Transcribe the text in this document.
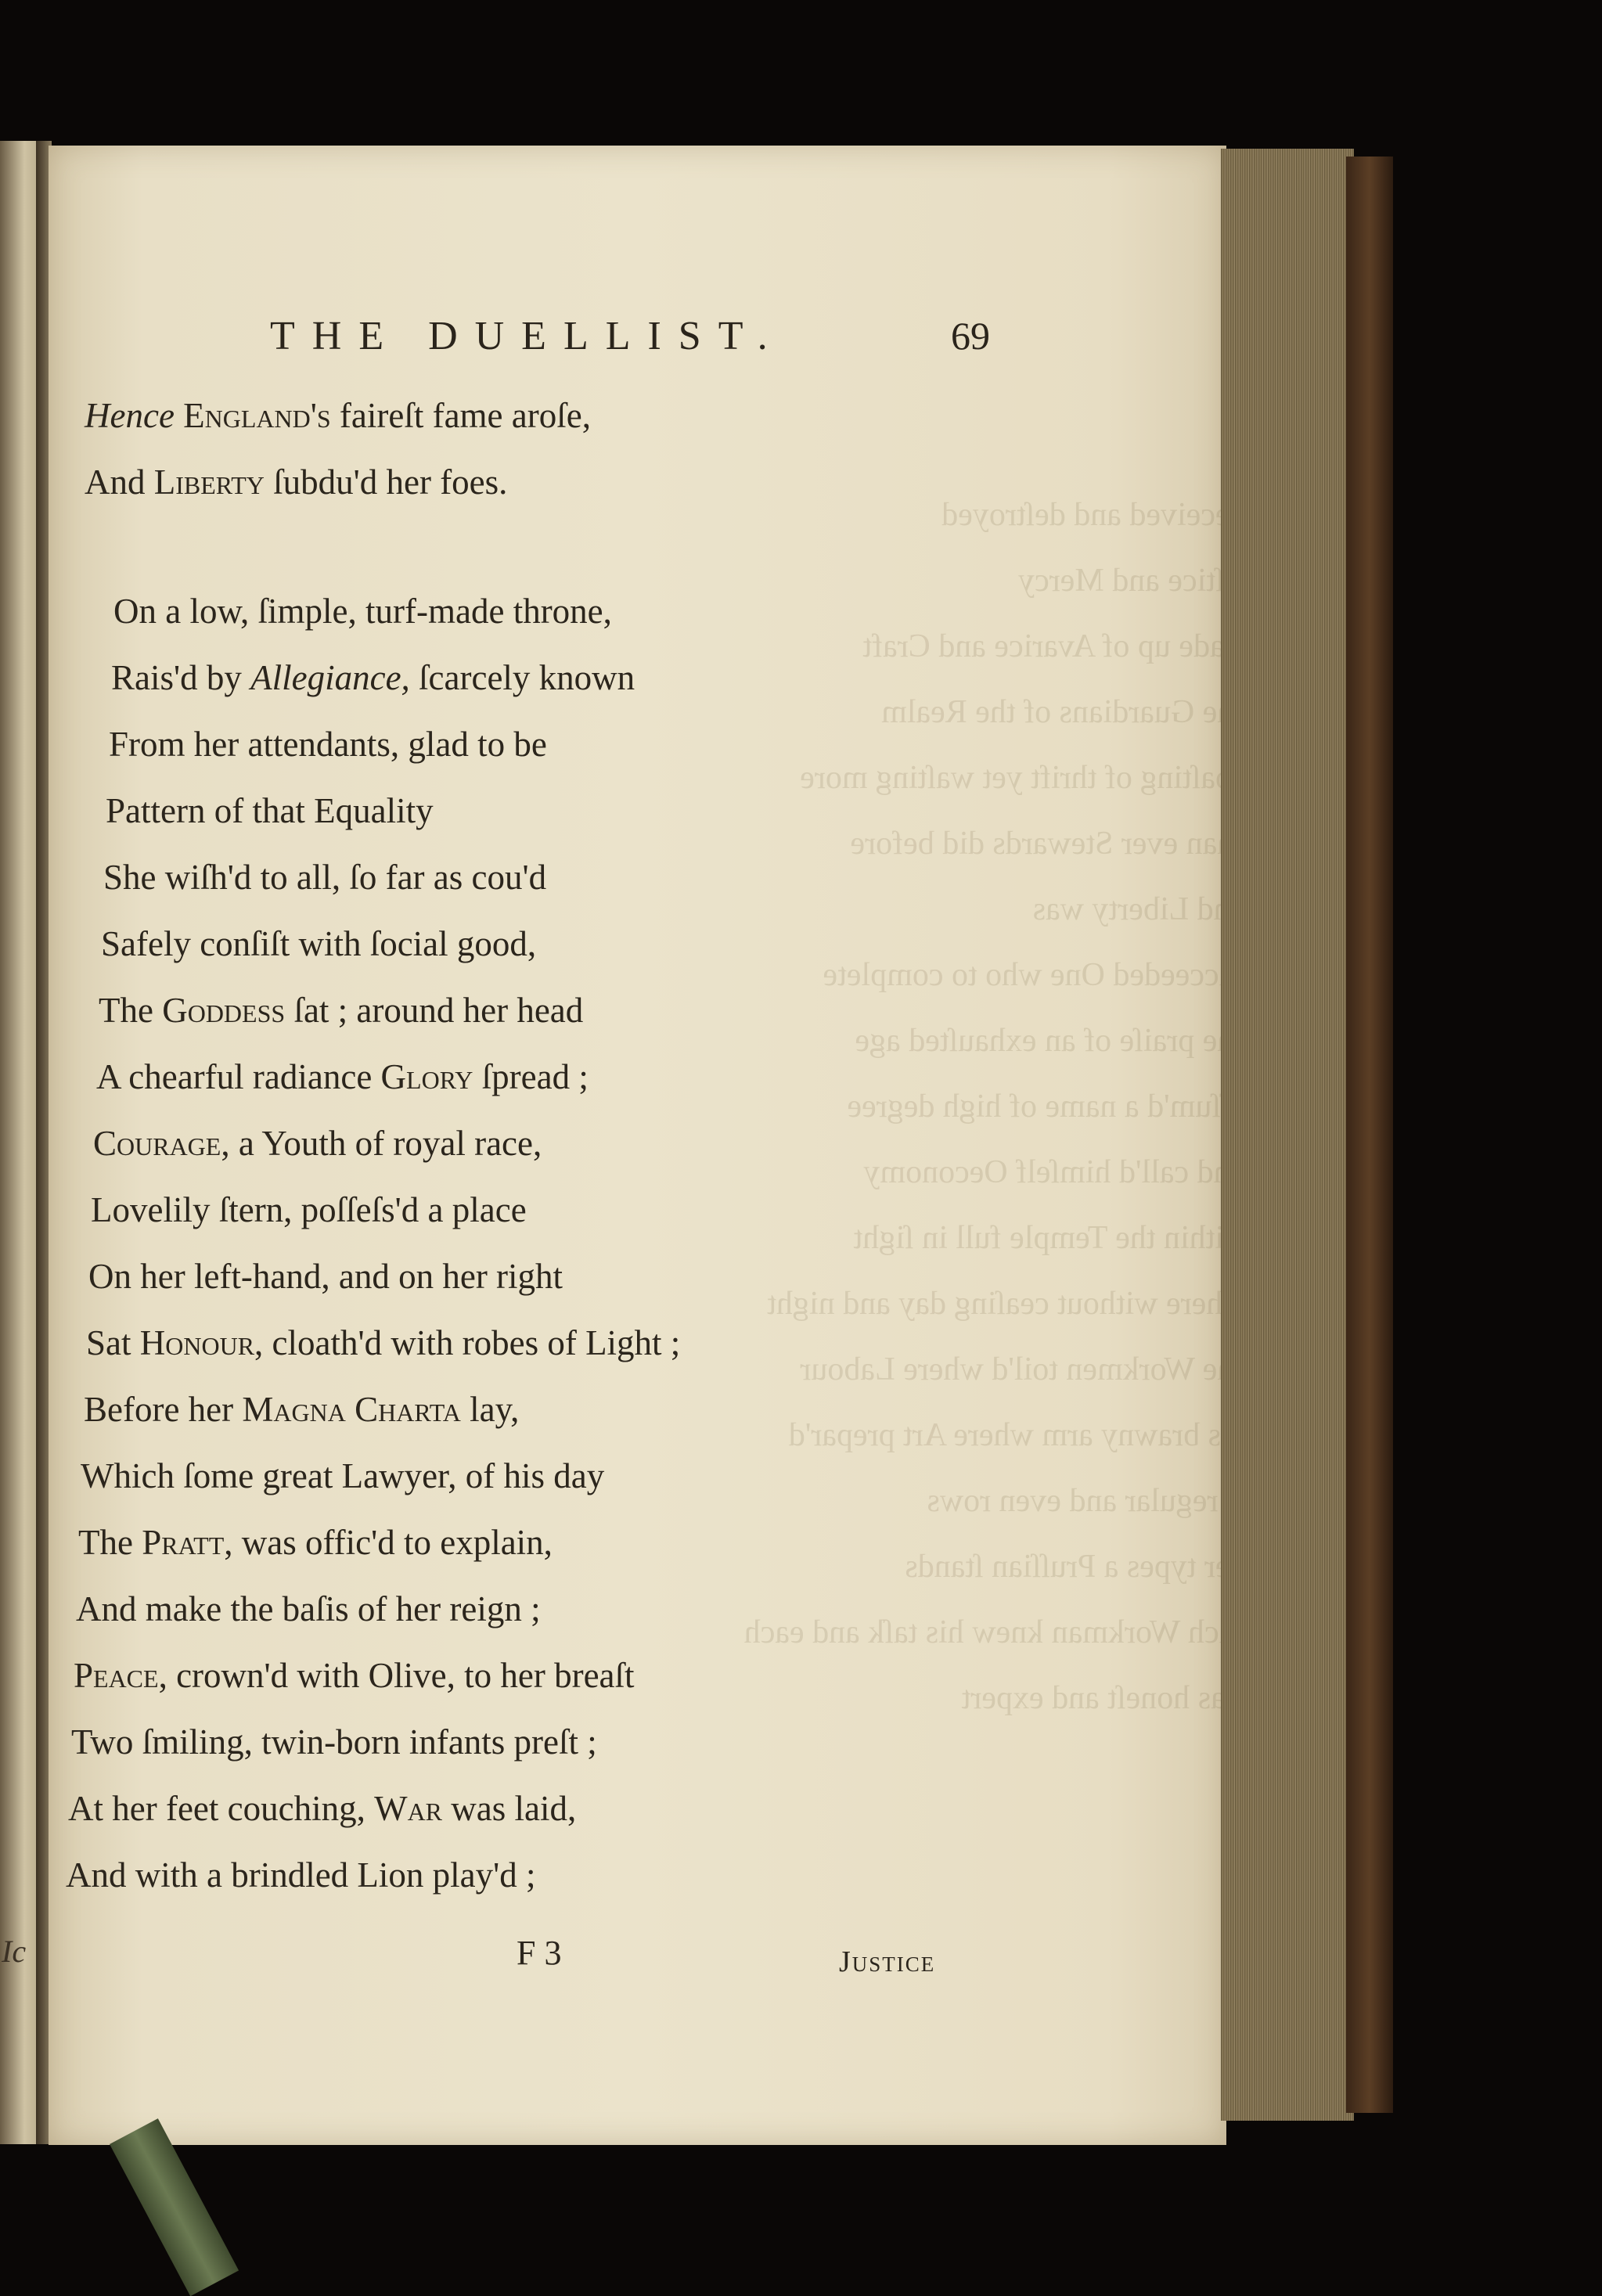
Ic
Deceived and deſtroyed
Juſtice and Mercy
Made up of Avarice and Craft
The Guardians of the Realm
Boaſting of thrift yet waſting more
Than ever Stewards did before
And Liberty was
Succeeded One who to complete
The praiſe of an exhauſted age
Aſſum'd a name of high degree
And call'd himſelf Oeconomy
Within the Temple full in ſight
Where without ceaſing day and night
The Workmen toil'd where Labour
His brawny arm where Art prepar'd
In regular and even rows
Her types a Pruſſian ſtands
Each Workman knew his taſk and each
Was honeſt and expert
THE DUELLIST.	69
Hence England's faireſt fame aroſe,
And Liberty ſubdu'd her foes.
On a low, ſimple, turf-made throne,
Rais'd by Allegiance, ſcarcely known
From her attendants, glad to be
Pattern of that Equality
She wiſh'd to all, ſo far as cou'd
Safely conſiſt with ſocial good,
The Goddess ſat ; around her head
A chearful radiance Glory ſpread ;
Courage, a Youth of royal race,
Lovelily ſtern, poſſeſs'd a place
On her left-hand, and on her right
Sat Honour, cloath'd with robes of Light ;
Before her Magna Charta lay,
Which ſome great Lawyer, of his day
The Pratt, was offic'd to explain,
And make the baſis of her reign ;
Peace, crown'd with Olive, to her breaſt
Two ſmiling, twin-born infants preſt ;
At her feet couching, War was laid,
And with a brindled Lion play'd ;
F 3	Justice
